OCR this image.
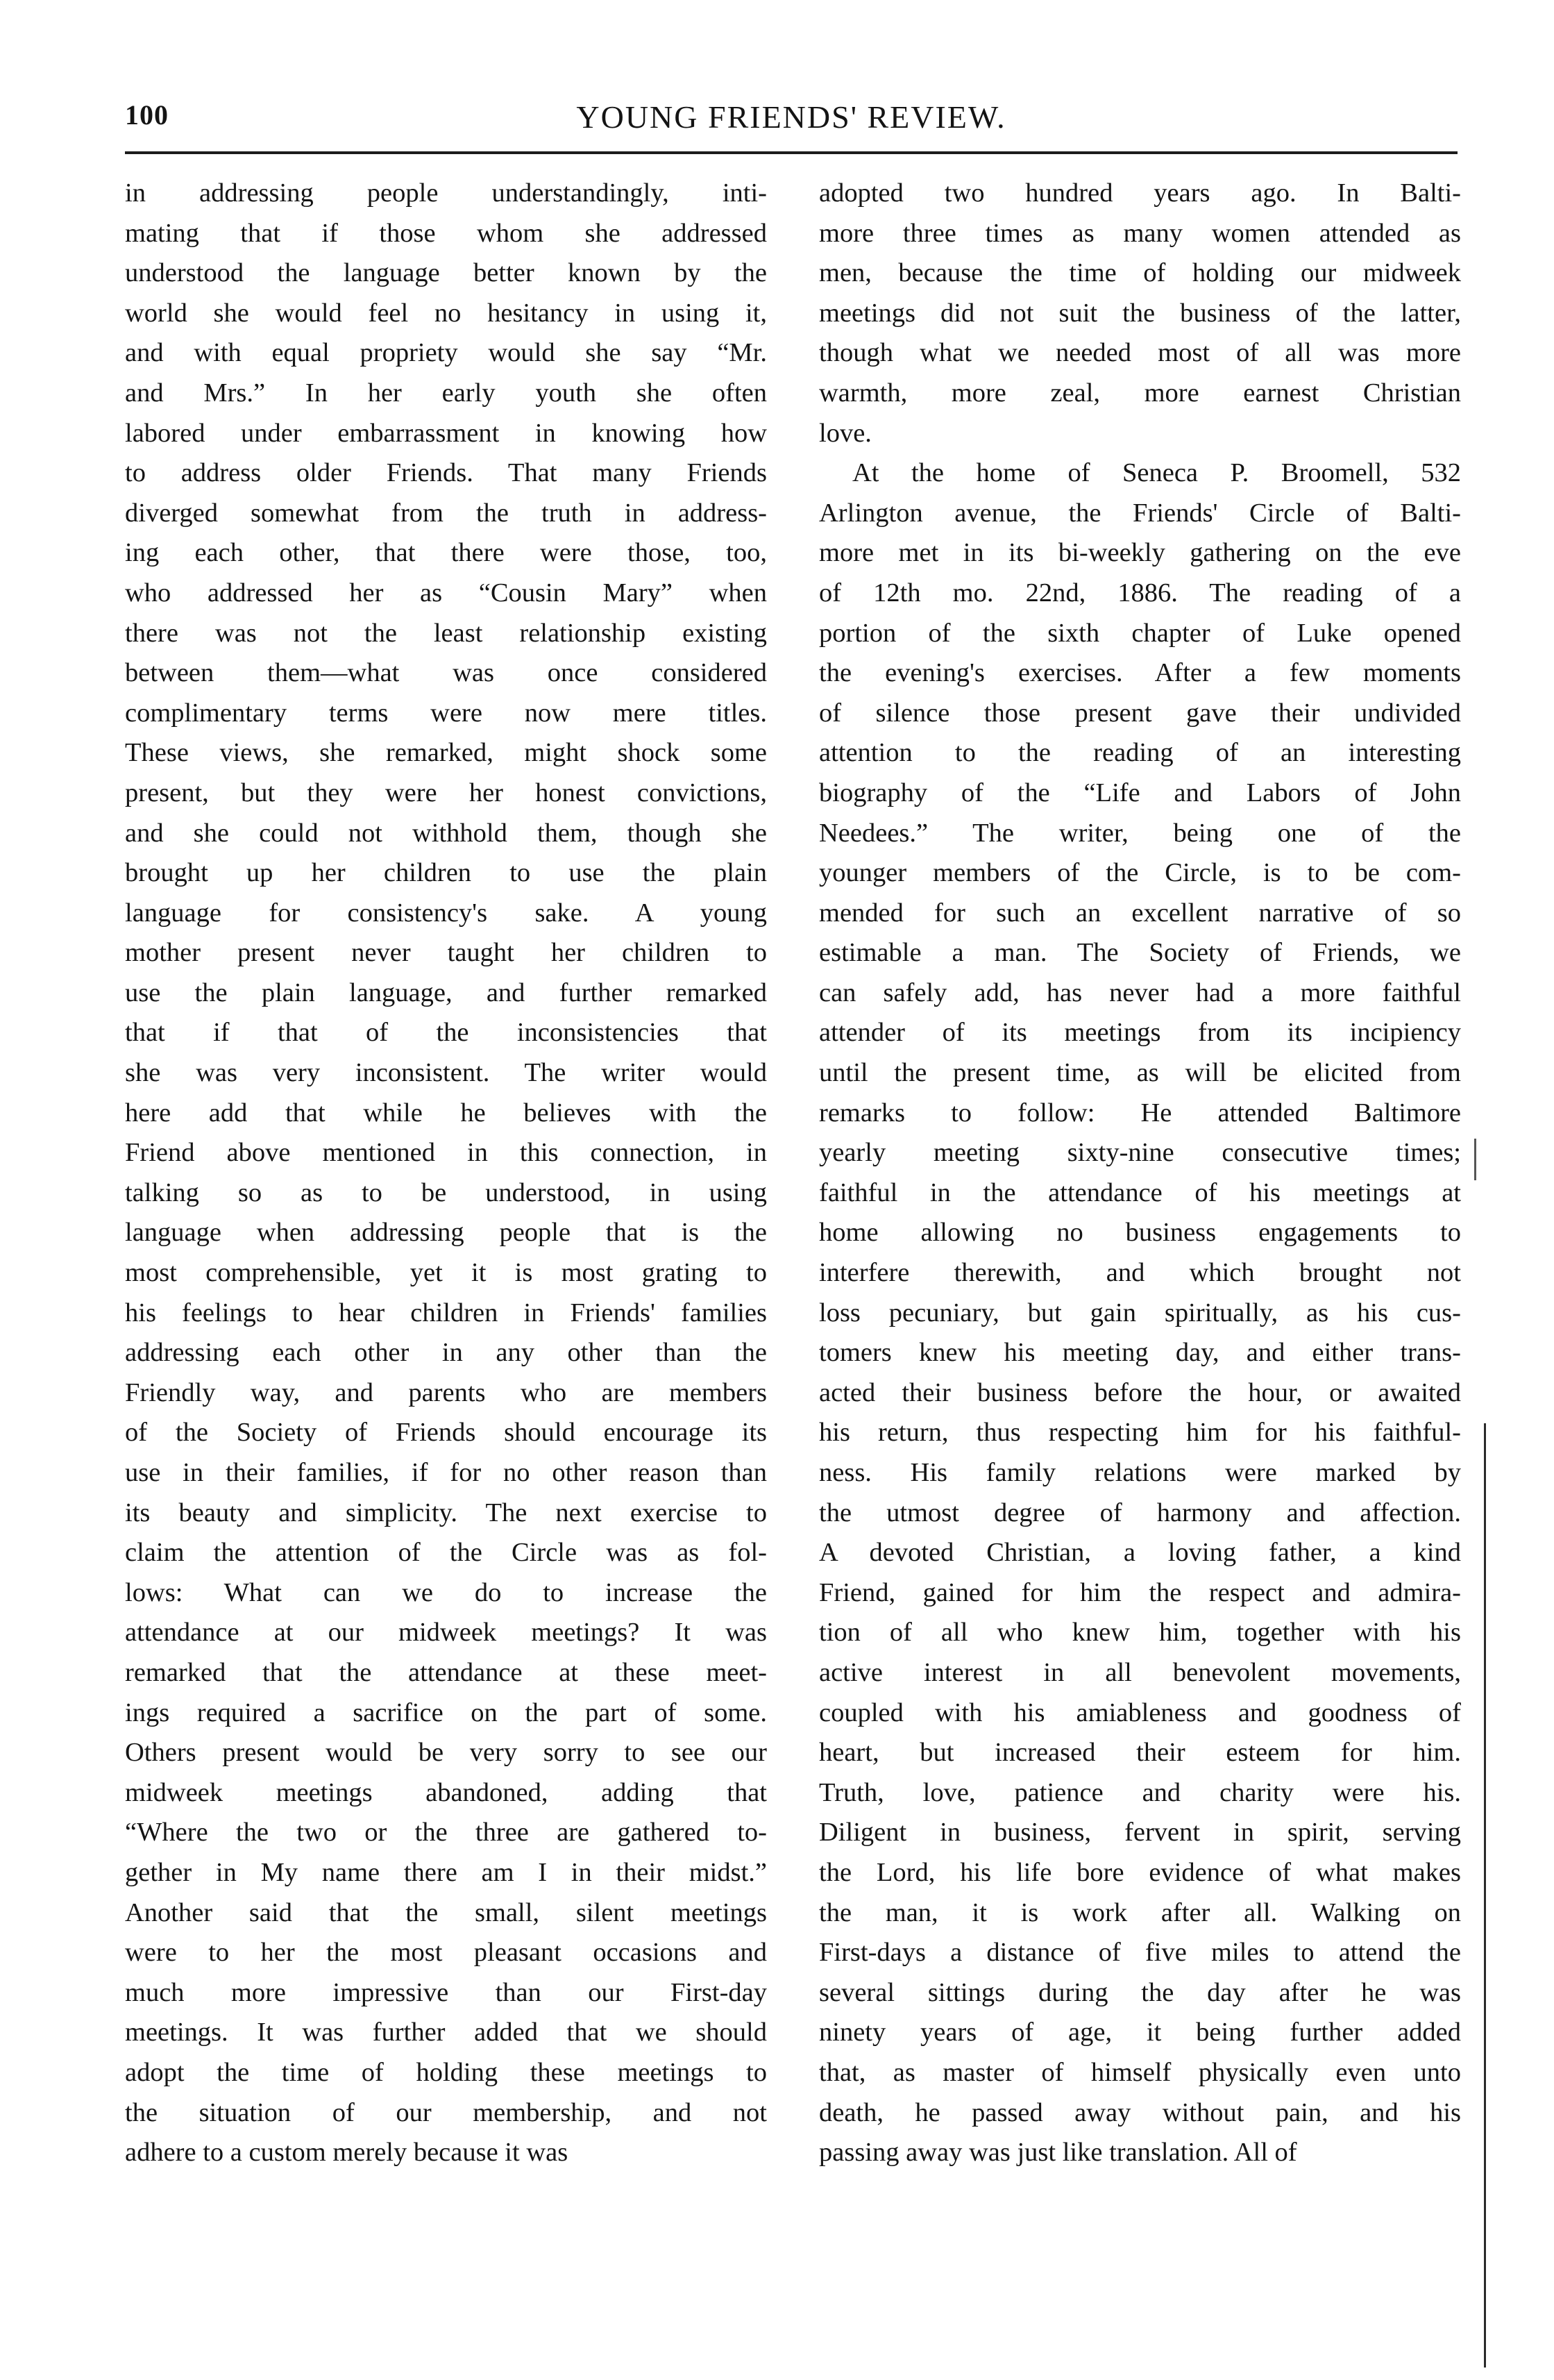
100	YOUNG FRIENDS' REVIEW.
in addressing people understandingly, inti-
mating that if those whom she addressed
understood the language better known by the
world she would feel no hesitancy in using it,
and with equal propriety would she say “Mr.
and Mrs.” In her early youth she often
labored under embarrassment in knowing how
to address older Friends. That many Friends
diverged somewhat from the truth in address-
ing each other, that there were those, too,
who addressed her as “Cousin Mary” when
there was not the least relationship existing
between them—what was once considered
complimentary terms were now mere titles.
These views, she remarked, might shock some
present, but they were her honest convictions,
and she could not withhold them, though she
brought up her children to use the plain
language for consistency's sake. A young
mother present never taught her children to
use the plain language, and further remarked
that if that of the inconsistencies that
she was very inconsistent. The writer would
here add that while he believes with the
Friend above mentioned in this connection, in
talking so as to be understood, in using
language when addressing people that is the
most comprehensible, yet it is most grating to
his feelings to hear children in Friends' families
addressing each other in any other than the
Friendly way, and parents who are members
of the Society of Friends should encourage its
use in their families, if for no other reason than
its beauty and simplicity. The next exercise to
claim the attention of the Circle was as fol-
lows: What can we do to increase the
attendance at our midweek meetings? It was
remarked that the attendance at these meet-
ings required a sacrifice on the part of some.
Others present would be very sorry to see our
midweek meetings abandoned, adding that
“Where the two or the three are gathered to-
gether in My name there am I in their midst.”
Another said that the small, silent meetings
were to her the most pleasant occasions and
much more impressive than our First-day
meetings. It was further added that we should
adopt the time of holding these meetings to
the situation of our membership, and not
adhere to a custom merely because it was
adopted two hundred years ago. In Balti-
more three times as many women attended as
men, because the time of holding our midweek
meetings did not suit the business of the latter,
though what we needed most of all was more
warmth, more zeal, more earnest Christian
love.
At the home of Seneca P. Broomell, 532
Arlington avenue, the Friends' Circle of Balti-
more met in its bi-weekly gathering on the eve
of 12th mo. 22nd, 1886. The reading of a
portion of the sixth chapter of Luke opened
the evening's exercises. After a few moments
of silence those present gave their undivided
attention to the reading of an interesting
biography of the “Life and Labors of John
Needees.” The writer, being one of the
younger members of the Circle, is to be com-
mended for such an excellent narrative of so
estimable a man. The Society of Friends, we
can safely add, has never had a more faithful
attender of its meetings from its incipiency
until the present time, as will be elicited from
remarks to follow: He attended Baltimore
yearly meeting sixty-nine consecutive times;
faithful in the attendance of his meetings at
home allowing no business engagements to
interfere therewith, and which brought not
loss pecuniary, but gain spiritually, as his cus-
tomers knew his meeting day, and either trans-
acted their business before the hour, or awaited
his return, thus respecting him for his faithful-
ness. His family relations were marked by
the utmost degree of harmony and affection.
A devoted Christian, a loving father, a kind
Friend, gained for him the respect and admira-
tion of all who knew him, together with his
active interest in all benevolent movements,
coupled with his amiableness and goodness of
heart, but increased their esteem for him.
Truth, love, patience and charity were his.
Diligent in business, fervent in spirit, serving
the Lord, his life bore evidence of what makes
the man, it is work after all. Walking on
First-days a distance of five miles to attend the
several sittings during the day after he was
ninety years of age, it being further added
that, as master of himself physically even unto
death, he passed away without pain, and his
passing away was just like translation. All of
